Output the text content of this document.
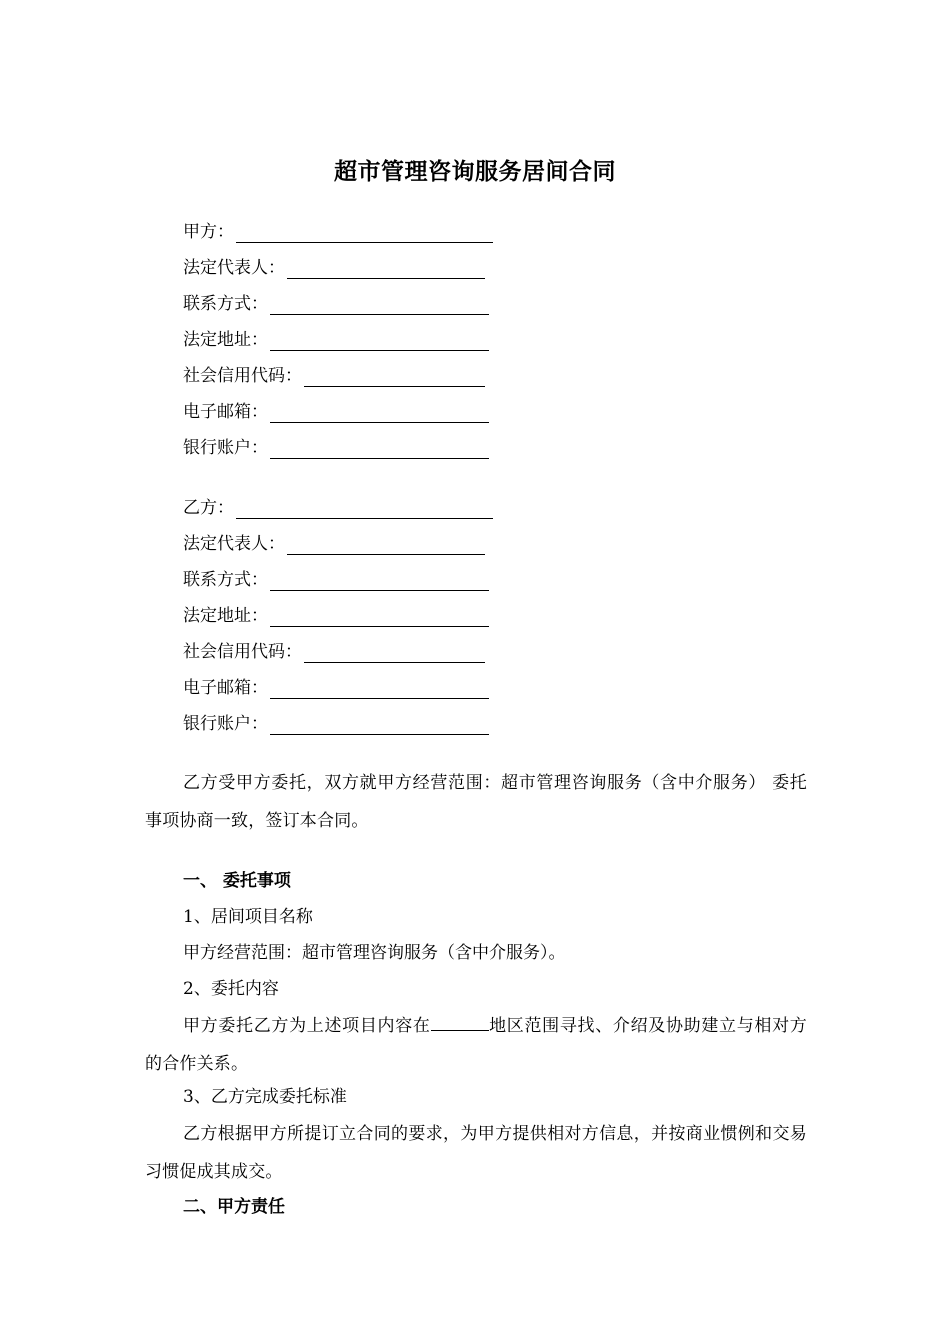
超市管理咨询服务居间合同
甲方：
法定代表人：
联系方式：
法定地址：
社会信用代码：
电子邮箱：
银行账户：
乙方：
法定代表人：
联系方式：
法定地址：
社会信用代码：
电子邮箱：
银行账户：
乙方受甲方委托，双方就甲方经营范围：超市管理咨询服务（含中介服务） 委托事项协商一致，签订本合同。
一、 委托事项
1、居间项目名称
甲方经营范围：超市管理咨询服务（含中介服务）。
2、委托内容
甲方委托乙方为上述项目内容在	地区范围寻找、介绍及协助建立与相对方的合作关系。
3、乙方完成委托标准
乙方根据甲方所提订立合同的要求，为甲方提供相对方信息，并按商业惯例和交易习惯促成其成交。
二、甲方责任
